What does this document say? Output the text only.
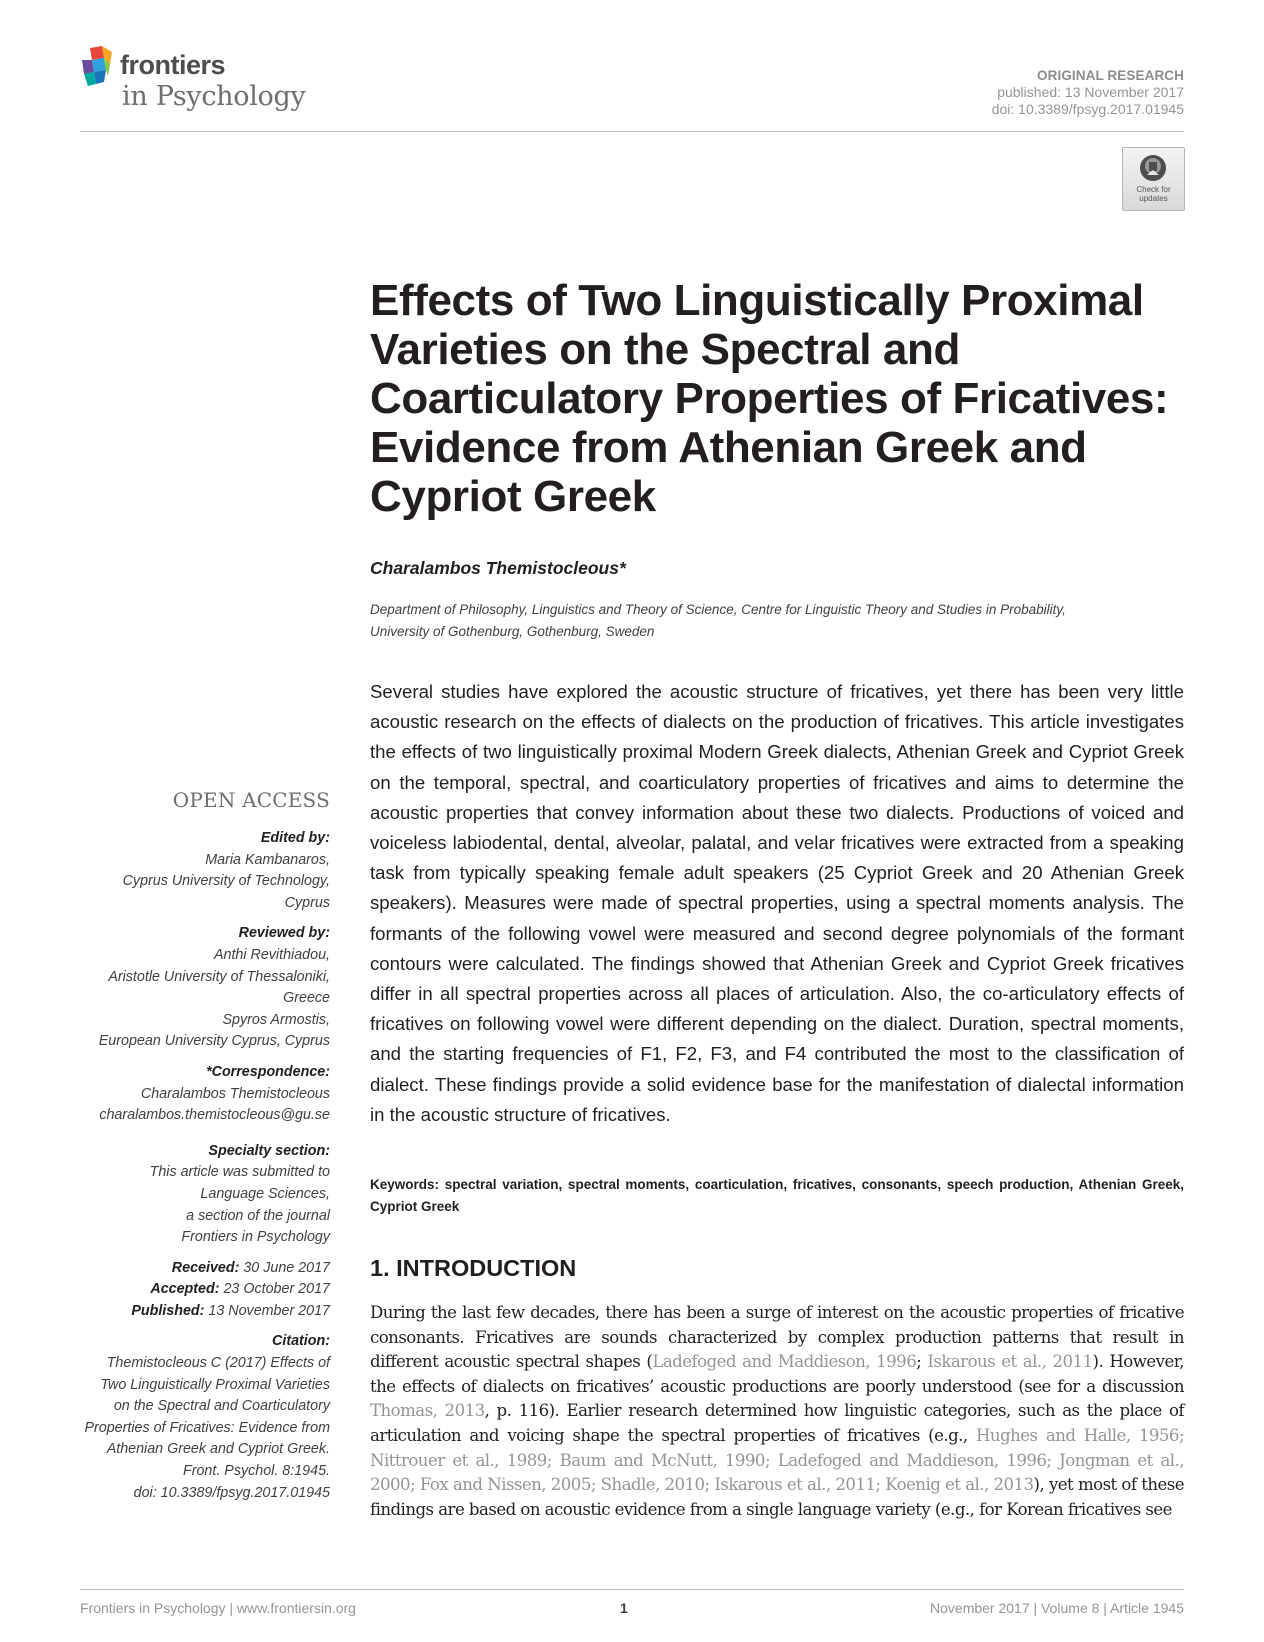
frontiers
in Psychology
ORIGINAL RESEARCH
published: 13 November 2017
doi: 10.3389/fpsyg.2017.01945
Check for
updates
Effects of Two Linguistically Proximal Varieties on the Spectral and Coarticulatory Properties of Fricatives: Evidence from Athenian Greek and Cypriot Greek
Charalambos Themistocleous*
Department of Philosophy, Linguistics and Theory of Science, Centre for Linguistic Theory and Studies in Probability,
University of Gothenburg, Gothenburg, Sweden

Several studies have explored the acoustic structure of fricatives, yet there has been very little acoustic research on the effects of dialects on the production of fricatives. This article investigates the effects of two linguistically proximal Modern Greek dialects, Athenian Greek and Cypriot Greek on the temporal, spectral, and coarticulatory properties of fricatives and aims to determine the acoustic properties that convey information about these two dialects. Productions of voiced and voiceless labiodental, dental, alveolar, palatal, and velar fricatives were extracted from a speaking task from typically speaking female adult speakers (25 Cypriot Greek and 20 Athenian Greek speakers). Measures were made of spectral properties, using a spectral moments analysis. The formants of the following vowel were measured and second degree polynomials of the formant contours were calculated. The findings showed that Athenian Greek and Cypriot Greek fricatives differ in all spectral properties across all places of articulation. Also, the co-articulatory effects of fricatives on following vowel were different depending on the dialect. Duration, spectral moments, and the starting frequencies of F1, F2, F3, and F4 contributed the most to the classification of dialect. These findings provide a solid evidence base for the manifestation of dialectal information in the acoustic structure of fricatives.

Keywords: spectral variation, spectral moments, coarticulation, fricatives, consonants, speech production, Athenian Greek, Cypriot Greek
1. INTRODUCTION

During the last few decades, there has been a surge of interest on the acoustic properties of fricative consonants. Fricatives are sounds characterized by complex production patterns that result in different acoustic spectral shapes (Ladefoged and Maddieson, 1996; Iskarous et al., 2011). However, the effects of dialects on fricatives’ acoustic productions are poorly understood (see for a discussion Thomas, 2013, p. 116). Earlier research determined how linguistic categories, such as the place of articulation and voicing shape the spectral properties of fricatives (e.g., Hughes and Halle, 1956; Nittrouer et al., 1989; Baum and McNutt, 1990; Ladefoged and Maddieson, 1996; Jongman et al., 2000; Fox and Nissen, 2005; Shadle, 2010; Iskarous et al., 2011; Koenig et al., 2013), yet most of these findings are based on acoustic evidence from a single language variety (e.g., for Korean fricatives see

OPEN ACCESS
Edited by:
Maria Kambanaros,
Cyprus University of Technology,
Cyprus
Reviewed by:
Anthi Revithiadou,
Aristotle University of Thessaloniki,
Greece
Spyros Armostis,
European University Cyprus, Cyprus
*Correspondence:
Charalambos Themistocleous
charalambos.themistocleous@gu.se
Specialty section:
This article was submitted to
Language Sciences,
a section of the journal
Frontiers in Psychology
Received: 30 June 2017
Accepted: 23 October 2017
Published: 13 November 2017
Citation:
Themistocleous C (2017) Effects of
Two Linguistically Proximal Varieties
on the Spectral and Coarticulatory
Properties of Fricatives: Evidence from
Athenian Greek and Cypriot Greek.
Front. Psychol. 8:1945.
doi: 10.3389/fpsyg.2017.01945
Frontiers in Psychology | www.frontiersin.org	1	November 2017 | Volume 8 | Article 1945
